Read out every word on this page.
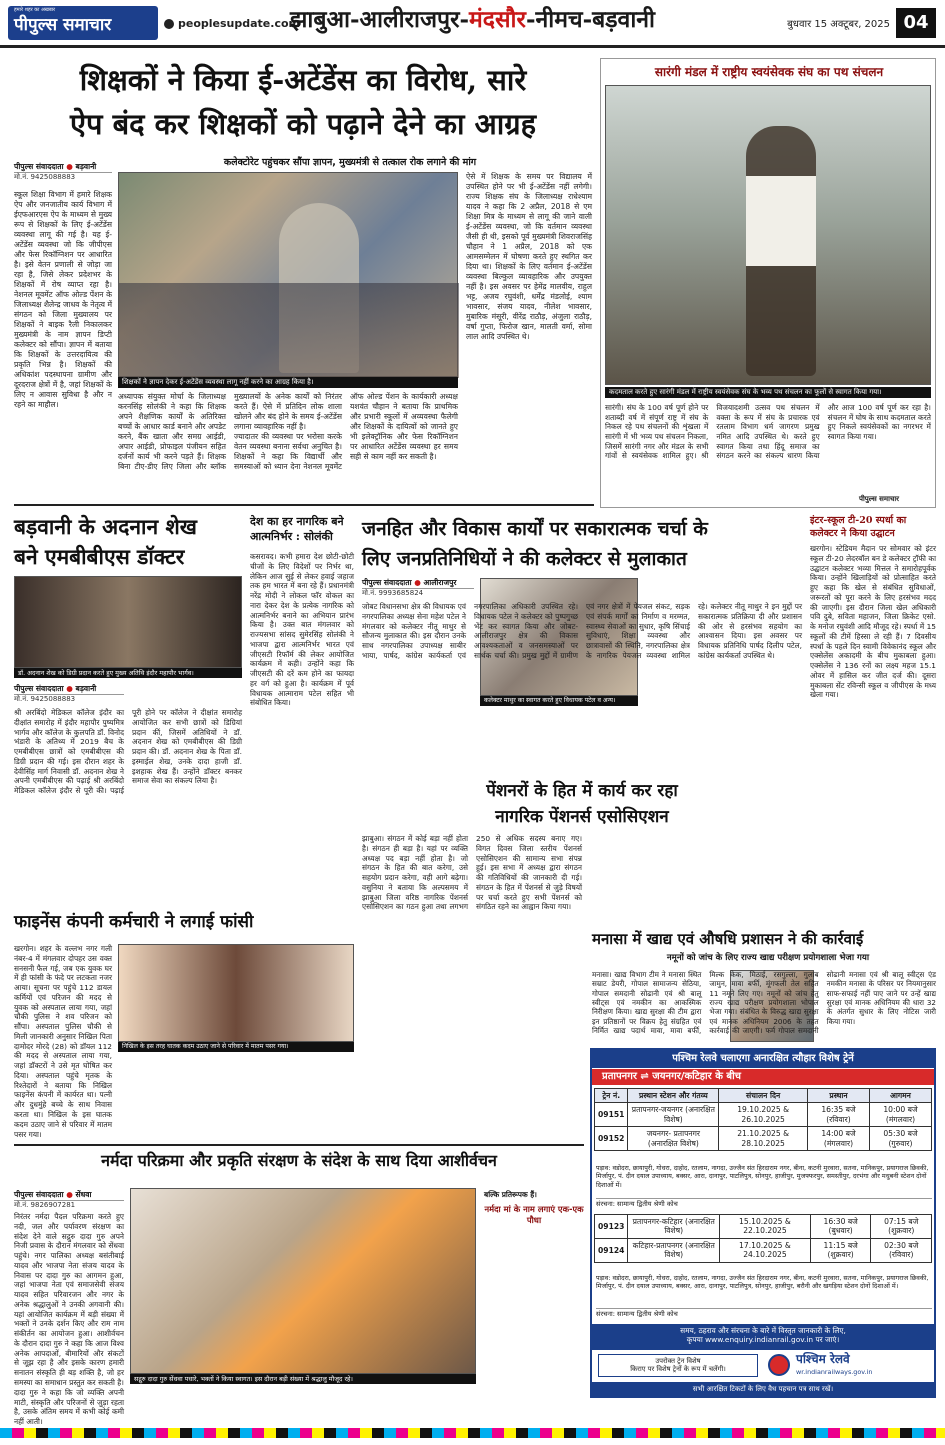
हमारे शहर का अखबार
पीपुल्स समाचार	peoplesupdate.com
झाबुआ-आलीराजपुर-मंदसौर-नीमच-बड़वानी	बुधवार 15 अक्टूबर, 2025 04
शिक्षकों ने किया ई-अटेंडेंस का विरोध, सारे
ऐप बंद कर शिक्षकों को पढ़ाने देने का आग्रह
कलेक्टोरेट पहुंचकर सौंपा ज्ञापन, मुख्यमंत्री से तत्काल रोक लगाने की मांग
पीपुल्स संवाददाता ● बड़वानी
मो.नं. 9425088883
स्कूल शिक्षा विभाग में हमारे शिक्षक ऐप और जनजातीय कार्य विभाग में ईएफआरएस ऐप के माध्यम से मुख्य रूप से शिक्षकों के लिए ई-अटेंडेंस व्यवस्था लागू की गई है। यह ई-अटेंडेंस व्यवस्था जो कि जीपीएस और फेस रिकॉग्निशन पर आधारित है। इसे वेतन प्रणाली से जोड़ा जा रहा है, जिसे लेकर प्रदेशभर के शिक्षकों में रोष व्याप्त रहा है। नेशनल मूवमेंट ऑफ ओल्ड पेंशन के जिलाध्यक्ष शैलेन्द्र जाधव के नेतृत्व में संगठन को जिला मुख्यालय पर शिक्षकों ने बाइक रैली निकालकर मुख्यमंत्री के नाम ज्ञापन डिप्टी कलेक्टर को सौंपा। ज्ञापन में बताया कि शिक्षकों के उत्तरदायित्व की प्रकृति भिन्न है। शिक्षकों की अधिकांश पदस्थापना ग्रामीण और दूरदराज क्षेत्रों में है, जहां शिक्षकों के लिए न आवास सुविधा है और न रहने का माहौल।
शिक्षकों ने ज्ञापन देकर ई-अटेंडेंस व्यवस्था लागू नहीं करने का आग्रह किया है।
ऐसे में शिक्षक के समय पर विद्यालय में उपस्थित होने पर भी ई-अटेंडेंस नहीं लगेगी। राज्य शिक्षक संघ के जिलाध्यक्ष राधेश्याम यादव ने कहा कि 2 अप्रैल, 2018 से एम शिक्षा मित्र के माध्यम से लागू की जाने वाली ई-अटेंडेंस व्यवस्था, जो कि वर्तमान व्यवस्था जैसी ही थी, इसको पूर्व मुख्यमंत्री शिवराजसिंह चौहान ने 1 अप्रैल, 2018 को एक आमसम्मेलन में घोषणा करते हुए स्थगित कर दिया था। शिक्षकों के लिए वर्तमान ई-अटेंडेंस व्यवस्था बिल्कुल व्यावहारिक और उपयुक्त नहीं है। इस अवसर पर हेमेंद्र मालवीय, राहुल भट्ट, अजय रघुवंशी, धर्मेंद्र मंडलोई, श्याम भावसार, संजय यादव, नीलेश भावसार, मुबारिक मंसूरी, वीरेंद्र राठौड़, अंजुला राठौड़, वर्षा गुप्ता, फिरोज खान, मालती वर्मा, सोमा लाल आदि उपस्थित थे।

अध्यापक संयुक्त मोर्चा के जिलाध्यक्ष करनसिंह सोलंकी ने कहा कि शिक्षक अपने शैक्षणिक कार्यों के अतिरिक्त बच्चों के आधार कार्ड बनाने और अपडेट करने, बैंक खाता और समग्र आईडी, अपार आईडी, प्रोफाइल पंजीयन सहित दर्जनों कार्य भी करने पड़ते हैं। शिक्षक बिना टीए-डीए लिए जिला और ब्लॉक मुख्यालयों के अनेक कार्यों को निरंतर करते हैं। ऐसे में प्रतिदिन लोक शाला खोलने और बंद होने के समय ई-अटेंडेंस लगाना व्यावहारिक नहीं है।

ज्यादातर की व्यवस्था पर भरोसा करके वेतन व्यवस्था बनाना सर्वथा अनुचित है। शिक्षकों ने कहा कि विद्यार्थी और समस्याओं को ध्यान देना नेशनल मूवमेंट ऑफ ओल्ड पेंशन के कार्यकारी अध्यक्ष यशवंत चौहान ने बताया कि प्राथमिक और प्रभारी स्कूलों में अव्यवस्था फैलेगी और शिक्षकों के दायित्वों को जानते हुए भी इलेक्ट्रॉनिक और फेस रिकॉग्निशन पर आधारित अटेंडेंस व्यवस्था हर समय सही से काम नहीं कर सकती है।

सारंगी मंडल में राष्ट्रीय स्वयंसेवक संघ का पथ संचलन
कदमताल करते हुए सारंगी मंडल में राष्ट्रीय स्वयंसेवक संघ के भव्य पथ संचलन का फूलों से स्वागत किया गया।
सारंगी। संघ के 100 वर्ष पूर्ण होने पर शताब्दी वर्ष में संपूर्ण राष्ट्र में संघ के निकल रहे पथ संचलनों की शृंखला में सारंगी में भी भव्य पथ संचलन निकला, जिसमें सारंगी नगर और मंडल के सभी गांवों से स्वयंसेवक शामिल हुए। श्री विजयादशमी उत्सव पथ संचलन में वक्ता के रूप में संघ के प्रचारक एवं रतलाम विभाग धर्म जागरण प्रमुख नमित आदि उपस्थित थे। करते हुए स्वागत किया तथा हिंदू समाज का संगठन करने का संकल्प धारण किया और आज 100 वर्ष पूर्ण कर रहा है। संचलन में घोष के साथ कदमताल करते हुए निकले स्वयंसेवकों का नगरभर में स्वागत किया गया।
पीपुल्स समाचार
बड़वानी के अदनान शेख
बने एमबीबीएस डॉक्टर
डॉ. अदनान शेख को डिग्री प्रदान करते हुए मुख्य अतिथि इंदौर महापौर भार्गव।
पीपुल्स संवाददाता ● बड़वानी
मो.नं. 9425088883
श्री अरबिंदो मेडिकल कॉलेज इंदौर का दीक्षांत समारोह में इंदौर महापौर पुष्यमित्र भार्गव और कॉलेज के कुलपति डॉ. विनोद भंडारी के अतिथ्य में 2019 बैच के एमबीबीएस छात्रों को एमबीबीएस की डिग्री प्रदान की गई। इस दौरान शहर के देवीसिंह मार्ग निवासी डॉ. अदनान शेख ने अपनी एमबीबीएस की पढ़ाई श्री अरबिंदो मेडिकल कॉलेज इंदौर से पूरी की। पढ़ाई पूरी होने पर कॉलेज ने दीक्षांत समारोह आयोजित कर सभी छात्रों को डिग्रियां प्रदान कीं, जिसमें अतिथियों ने डॉ. अदनान शेख को एमबीबीएस की डिग्री प्रदान की। डॉ. अदनान शेख के पिता डॉ. इस्माईल शेख, उनके दादा हाजी डॉ. इशहाक शेख हैं। उन्होंने डॉक्टर बनकर समाज सेवा का संकल्प लिया है।
देश का हर नागरिक बने
आत्मनिर्भर : सोलंकी
कसरावद। कभी हमारा देश छोटी-छोटी चीजों के लिए विदेशों पर निर्भर था, लेकिन आज सुई से लेकर हवाई जहाज तक हम भारत में बना रहे हैं। प्रधानमंत्री नरेंद्र मोदी ने लोकल फॉर वोकल का नारा देकर देश के प्रत्येक नागरिक को आत्मनिर्भर बनाने का अभियान प्रारंभ किया है। उक्त बात मंगलवार को राज्यसभा सांसद सुमेरसिंह सोलंकी ने भाजपा द्वारा आत्मनिर्भर भारत एवं जीएसटी रिफॉर्म की लेकर आयोजित कार्यक्रम में कही। उन्होंने कहा कि जीएसटी की दरें कम होने का फायदा हर वर्ग को हुआ है। कार्यक्रम में पूर्व विधायक आत्माराम पटेल सहित भी संबोधित किया।
जनहित और विकास कार्यों पर सकारात्मक चर्चा के
लिए जनप्रतिनिधियों ने की कलेक्टर से मुलाकात
पीपुल्स संवाददाता ● आलीराजपुर
मो.नं. 9993685824
कलेक्टर माथुर का स्वागत करते हुए विधायक पटेल व अन्य।
जोबट विधानसभा क्षेत्र की विधायक एवं नगरपालिका अध्यक्ष सेना महेश पटेल ने मंगलवार को कलेक्टर नीतू माथुर से सौजन्य मुलाकात की। इस दौरान उनके साथ नगरपालिका उपाध्यक्ष साबीर भाया, पार्षद, कांग्रेस कार्यकर्ता एवं नगरपालिका अधिकारी उपस्थित रहे। विधायक पटेल ने कलेक्टर को पुष्पगुच्छ भेंट कर स्वागत किया और जोबट-आलीराजपुर क्षेत्र की विकास आवश्यकताओं व जनसमस्याओं पर सार्थक चर्चा की। प्रमुख मुद्दों में ग्रामीण एवं नगर क्षेत्रों में पेयजल संकट, सड़क एवं संपर्क मार्गों का निर्माण व मरम्मत, स्वास्थ्य सेवाओं का सुधार, कृषि सिंचाई सुविधाएं, शिक्षा व्यवस्था और छात्रावासों की स्थिति, नगरपालिका क्षेत्र के नागरिक पेयजल व्यवस्था शामिल रहे। कलेक्टर नीतू माथुर ने इन मुद्दों पर सकारात्मक प्रतिक्रिया दी और प्रशासन की ओर से हरसंभव सहयोग का आश्वासन दिया। इस अवसर पर विधायक प्रतिनिधि पार्षद दिलीप पटेल, कांग्रेस कार्यकर्ता उपस्थित थे।
पेंशनरों के हित में कार्य कर रहा
नागरिक पेंशनर्स एसोसिएशन
झाबुआ। संगठन में कोई बड़ा नहीं होता है। संगठन ही बड़ा है। यहां पर व्यक्ति अध्यक्ष पद बड़ा नहीं होता है। जो संगठन के हित की बात करेगा, उसे सहयोग प्रदान करेगा, वही आगे बढ़ेगा। वसुनिया ने बताया कि अल्पसमय में झाबुआ जिला वरिष्ठ नागरिक पेंशनर्स एसोसिएशन का गठन हुआ तथा लगभग 250 से अधिक सदस्य बनाए गए। विगत दिवस जिला स्तरीय पेंशनर्स एसोसिएशन की सामान्य सभा संपन्न हुई। इस सभा में अध्यक्ष द्वारा संगठन की गतिविधियों की जानकारी दी गई। संगठन के हित में पेंशनर्स से जुड़े विषयों पर चर्चा करते हुए सभी पेंशनर्स को संगठित रहने का आह्वान किया गया।
फाइनेंस कंपनी कर्मचारी ने लगाई फांसी
निखिल के इस तरह घातक कदम उठाए जाने से परिवार में मातम पसर गया।
खरगोन। शहर के वल्लभ नगर गली नंबर-4 में मंगलवार दोपहर उस वक्त सनसनी फैल गई, जब एक युवक घर में ही फांसी के फंदे पर लटकता नजर आया। सूचना पर पहुंचे 112 डायल कर्मियों एवं परिजन की मदद से युवक को अस्पताल लाया गया, जहां चौकी पुलिस ने शव परिजन को सौंपा। अस्पताल पुलिस चौकी से मिली जानकारी अनुसार निखिल पिता दामोदर मोरदे (28) को डॉयल 112 की मदद से अस्पताल लाया गया, जहां डॉक्टरों ने उसे मृत घोषित कर दिया। अस्पताल पहुंचे मृतक के रिश्तेदारों ने बताया कि निखिल फाइनेंस कंपनी में कार्यरत था। पत्नी और दुधमुंहे बच्चे के साथ निवास करता था। निखिल के इस घातक कदम उठाए जाने से परिवार में मातम पसर गया।
इंटर-स्कूल टी-20 स्पर्धा का
कलेक्टर ने किया उद्घाटन
खरगोन। स्टेडियम मैदान पर सोमवार को इंटर स्कूल टी-20 लेदरबॉल बन डे कलेक्टर ट्रॉफी का उद्घाटन कलेक्टर भव्या मित्तल ने समारोहपूर्वक किया। उन्होंने खिलाड़ियों को प्रोत्साहित करते हुए कहा कि खेल से संबंधित सुविधाओं, जरूरतों को पूरा करने के लिए हरसंभव मदद की जाएगी। इस दौरान जिला खेल अधिकारी पवि दुबे, सविता महाजन, जिला क्रिकेट एसो. के मनोज रघुवंशी आदि मौजूद रहे। स्पर्धा में 15 स्कूलों की टीमें हिस्सा ले रही हैं। 7 दिवसीय स्पर्धा के पहले दिन स्वामी विवेकानंद स्कूल और एक्सेलेंस अकादमी के बीच मुकाबला हुआ। एक्सेलेंस ने 136 रनों का लक्ष्य महज 15.1 ओवर में हासिल कर जीत दर्ज की। दूसरा मुकाबला सेंट रविन्सी स्कूल व जीपीएस के मध्य खेला गया।
मनासा में खाद्य एवं औषधि प्रशासन ने की कार्रवाई
नमूनों को जांच के लिए राज्य खाद्य परीक्षण प्रयोगशाला भेजा गया
मनासा। खाद्य विभाग टीम ने मनासा स्थित सम्राट डेयरी, गोपाल सामाजन्य सेठिया, गोपाल समदानी सोढानी एवं श्री बालू स्वीट्स एवं नमकीन का आकस्मिक निरीक्षण किया। खाद्य सुरक्षा की टीम द्वारा इन प्रतिष्ठानों पर विक्रय हेतु संग्रहित एवं निर्मित खाद्य पदार्थ मावा, मावा बर्फी, मिल्क केक, मिठाई, रसगुल्ला, गुलाब जामुन, मावा बर्फी, मूंगफली तेल सहित 11 नमूने लिए गए। नमूनों को जांच हेतु राज्य खाद्य परीक्षण प्रयोगशाला भोपाल भेजा गया। संबंधित के विरुद्ध खाद्य सुरक्षा एवं मानक अधिनियम 2006 के तहत कार्रवाई की जाएगी। फर्म गोपाल समदानी सोढानी मनासा एवं श्री बालू स्वीट्स एंड नमकीन मनासा के परिसर पर नियमानुसार साफ-सफाई नहीं पाए जाने पर उन्हें खाद्य सुरक्षा एवं मानक अधिनियम की धारा 32 के अंतर्गत सुधार के लिए नोटिस जारी किया गया।
पश्चिम रेलवे चलाएगा अनारक्षित त्यौहार विशेष ट्रेनें
प्रतापनगर ⇌ जयनगर/कटिहार के बीच
ट्रेन नं.	प्रस्थान स्टेशन और गंतव्य	संचालन दिन	प्रस्थान	आगमन
09151	प्रतापनगर-जयनगर (अनारक्षित विशेष)	19.10.2025 & 26.10.2025	16:35 बजे (रविवार)	10:00 बजे (मंगलवार)
09152	जयनगर- प्रतापनगर (अनारक्षित विशेष)	21.10.2025 & 28.10.2025	14:00 बजे (मंगलवार)	05:30 बजे (गुरुवार)
पड़ाव: वडोदरा, छायापुरी, गोधरा, दाहोद, रतलाम, नागदा, उज्जैन संत हिरदाराम नगर, बीना, कटनी मुरवारा, सतना, मानिकपुर, प्रयागराज छिवकी, मिर्जापुर, पं. दीन दयाल उपाध्याय, बक्सर, आरा, दानापुर, पाटलिपुत्र, सोनपुर, हाजीपुर, मुजफ्फरपुर, समस्तीपुर, दरभंगा और मधुबनी स्टेशन दोनों दिशाओं में।
संरचना: सामान्य द्वितीय श्रेणी कोच
09123	प्रतापनगर-कटिहार (अनारक्षित विशेष)	15.10.2025 & 22.10.2025	16:30 बजे (बुधवार)	07:15 बजे (शुक्रवार)
09124	कटिहार-प्रतापनगर (अनारक्षित विशेष)	17.10.2025 & 24.10.2025	11:15 बजे (शुक्रवार)	02:30 बजे (रविवार)
पड़ाव: वडोदरा, छायापुरी, गोधरा, दाहोद, रतलाम, नागदा, उज्जैन संत हिरदाराम नगर, बीना, कटनी मुरवारा, सतना, मानिकपुर, प्रयागराज छिवकी, मिर्जापुर, पं. दीन दयाल उपाध्याय, बक्सर, आरा, दानापुर, पाटलिपुत्र, सोनपुर, हाजीपुर, बरौनी और खगड़िया स्टेशन दोनों दिशाओं में।
संरचना: सामान्य द्वितीय श्रेणी कोच
समय, ठहराव और संरचना के बारे में विस्तृत जानकारी के लिए,
कृपया www.enquiry.indianrail.gov.in पर जाएं।
उपरोक्त ट्रेन विशेष
किराए पर विशेष ट्रेनों के रूप में चलेंगी।
पश्चिम रेलवे
wr.indianrailways.gov.in
सभी आरक्षित टिकटों के लिए वैध पहचान पत्र साथ रखें।
नर्मदा परिक्रमा और प्रकृति संरक्षण के संदेश के साथ दिया आशीर्वचन
पीपुल्स संवाददाता ● सेंधवा
मो.नं. 9826907281
सद्गुरु दादा गुरु सेंधवा पधारे, भक्तों ने किया स्वागत। इस दौरान बड़ी संख्या में श्रद्धालु मौजूद रहे।
बल्कि प्रतिरूपक हैं।
नर्मदा मां के नाम लगाएं एक-एक पौधा
निरंतर नर्मदा पैदल परिक्रमा करते हुए नदी, जल और पर्यावरण संरक्षण का संदेश देने वाले सद्गुरु दादा गुरु अपने निजी प्रवास के दौरान मंगलवार को सेंधवा पहुंचे। नगर पालिका अध्यक्ष बसंतीबाई यादव और भाजपा नेता संजय यादव के निवास पर दादा गुरु का आगमन हुआ, जहां भाजपा नेता एवं समाजसेवी संजय यादव सहित परिवारजन और नगर के अनेक श्रद्धालुओं ने उनकी अगवानी की। यहां आयोजित कार्यक्रम में बड़ी संख्या में भक्तों ने उनके दर्शन किए और राम नाम संकीर्तन का आयोजन हुआ। आशीर्वचन के दौरान दादा गुरु ने कहा कि आज विश्व अनेक आपदाओं, बीमारियों और संकटों से जूझ रहा है और इसके कारण हमारी सनातन संस्कृति ही बड़ शक्ति है, जो हर समस्या का समाधान प्रस्तुत कर सकती है। दादा गुरु ने कहा कि जो व्यक्ति अपनी माटी, संस्कृति और परिजनों से जुड़ा रहता है, उसके अंतिम समय में कभी कोई कमी नहीं आती।
